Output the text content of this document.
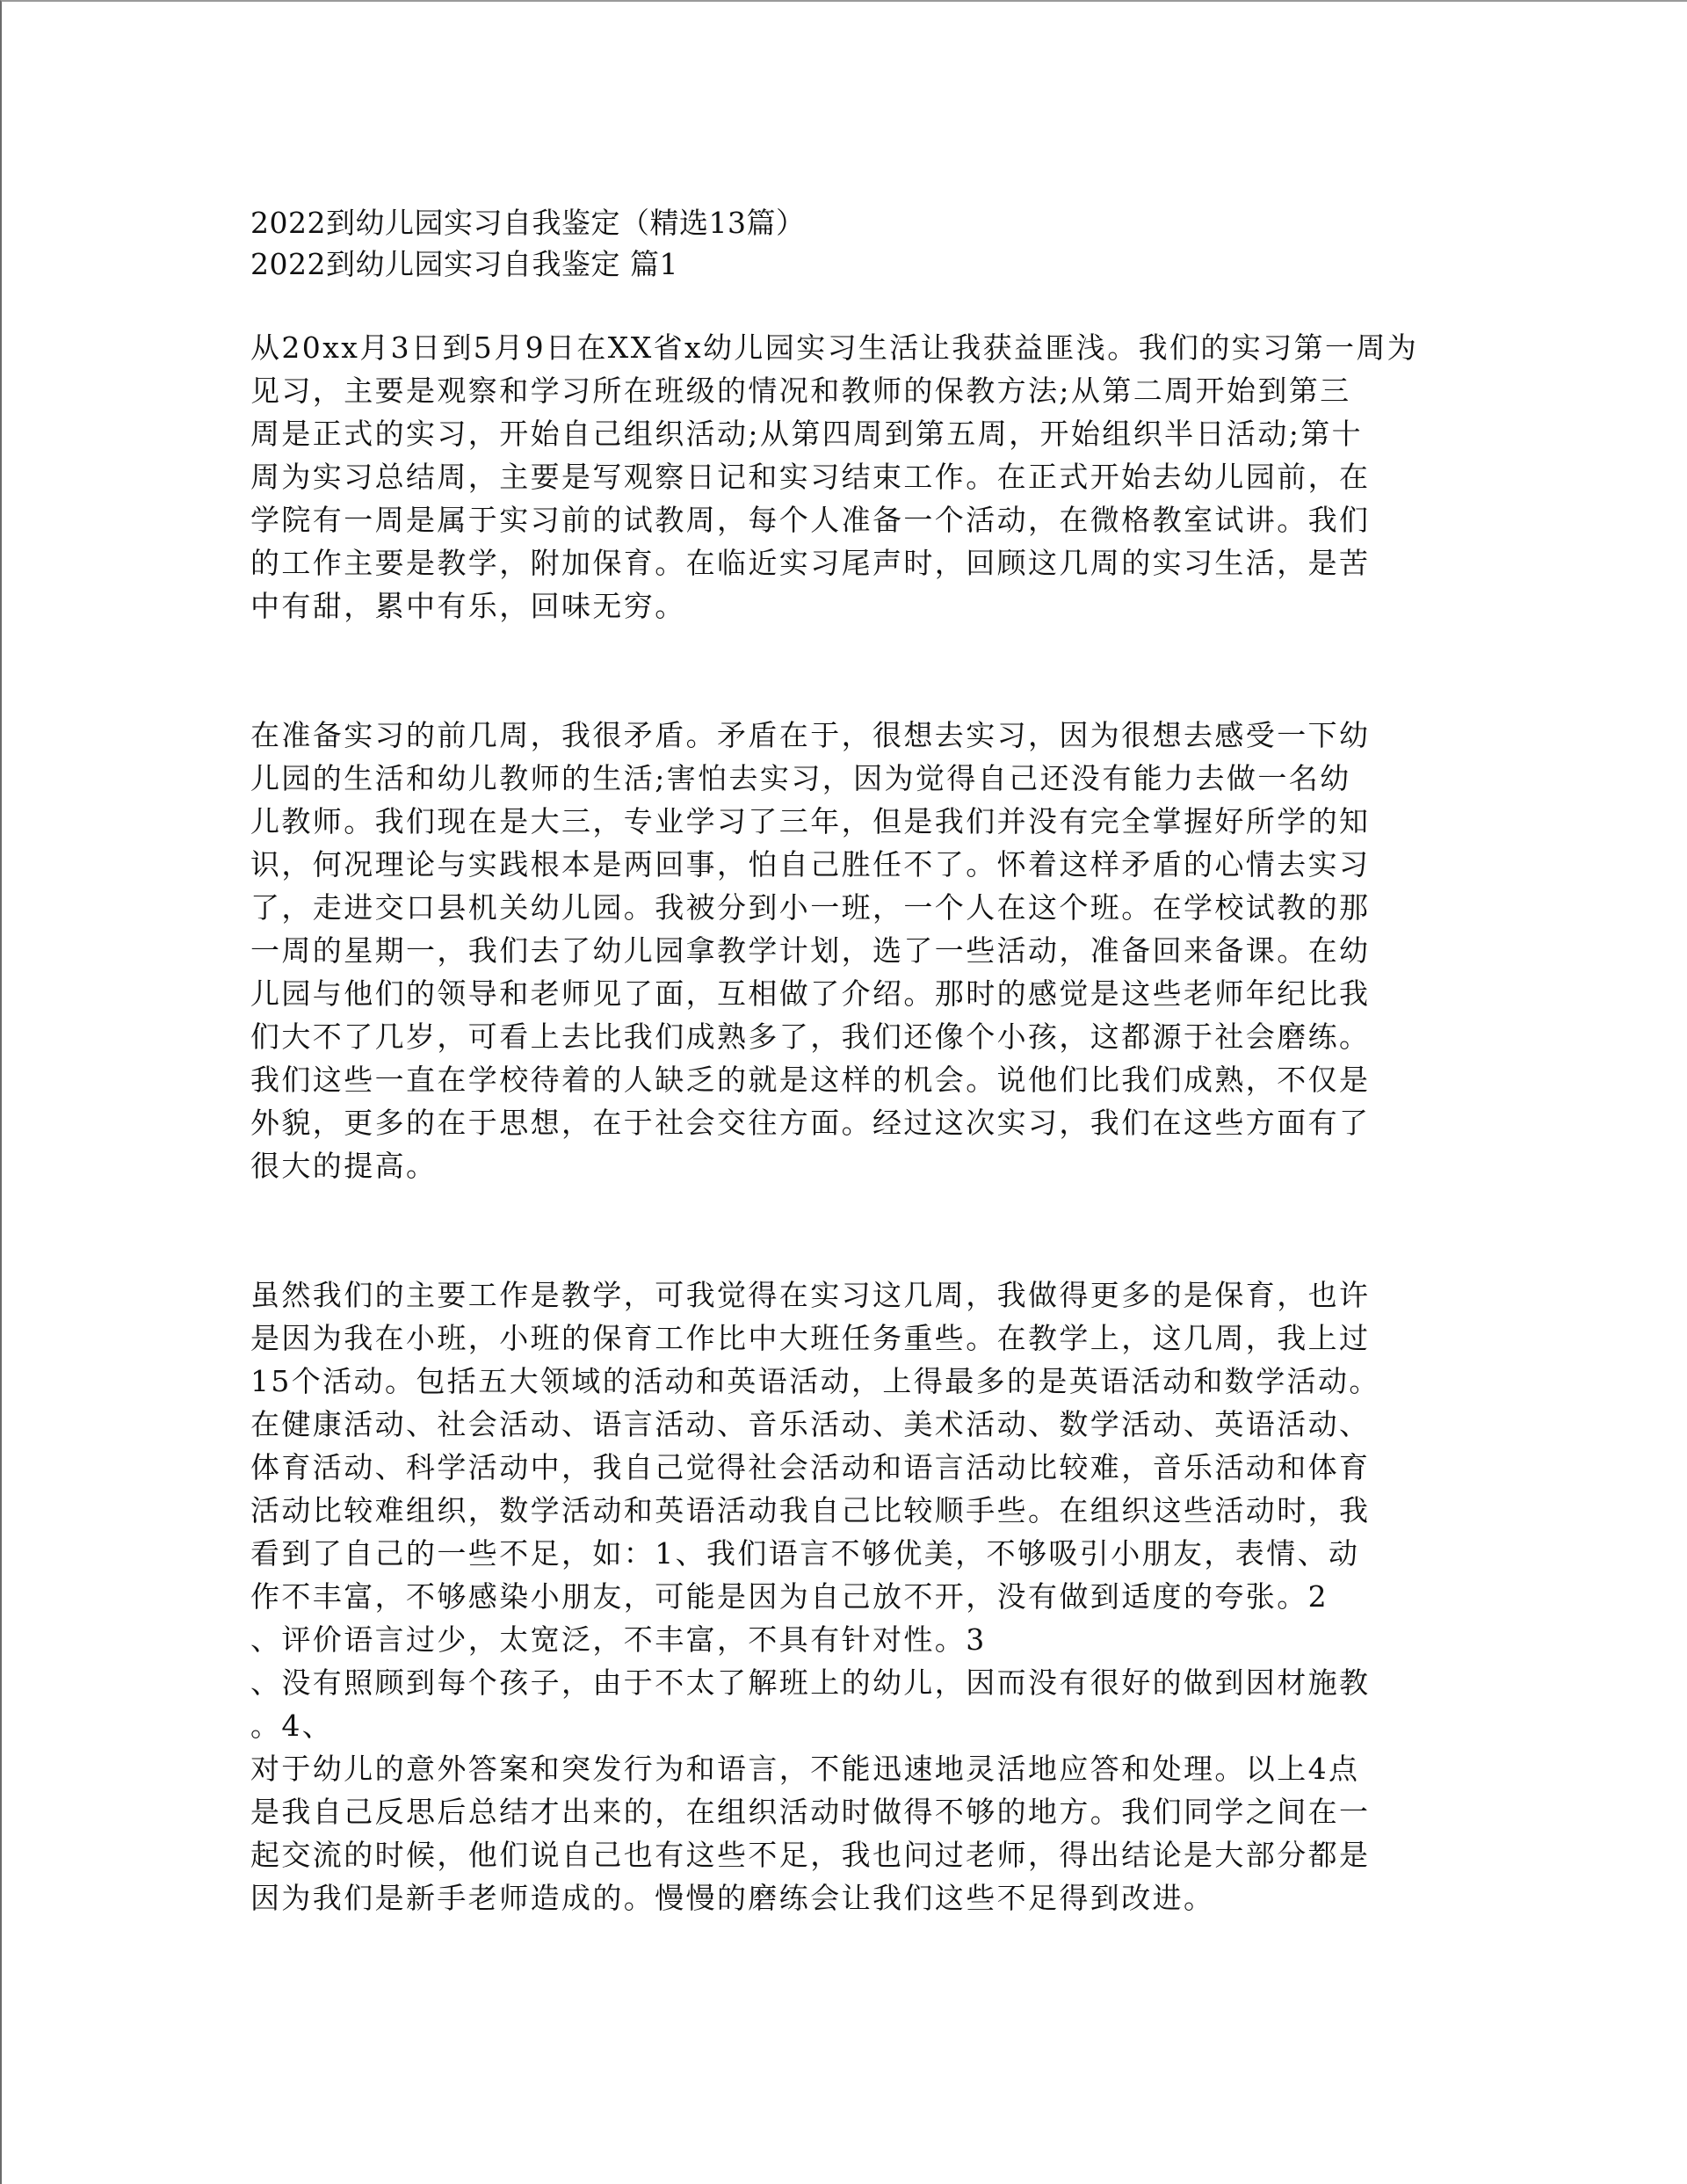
2022到幼儿园实习自我鉴定（精选13篇）
2022到幼儿园实习自我鉴定 篇1

从20xx月3日到5月9日在XX省x幼儿园实习生活让我获益匪浅。我们的实习第一周为
见习，主要是观察和学习所在班级的情况和教师的保教方法;从第二周开始到第三
周是正式的实习，开始自己组织活动;从第四周到第五周，开始组织半日活动;第十
周为实习总结周，主要是写观察日记和实习结束工作。在正式开始去幼儿园前，在
学院有一周是属于实习前的试教周，每个人准备一个活动，在微格教室试讲。我们
的工作主要是教学，附加保育。在临近实习尾声时，回顾这几周的实习生活，是苦
中有甜，累中有乐，回味无穷。

在准备实习的前几周，我很矛盾。矛盾在于，很想去实习，因为很想去感受一下幼
儿园的生活和幼儿教师的生活;害怕去实习，因为觉得自己还没有能力去做一名幼
儿教师。我们现在是大三，专业学习了三年，但是我们并没有完全掌握好所学的知
识，何况理论与实践根本是两回事，怕自己胜任不了。怀着这样矛盾的心情去实习
了，走进交口县机关幼儿园。我被分到小一班，一个人在这个班。在学校试教的那
一周的星期一，我们去了幼儿园拿教学计划，选了一些活动，准备回来备课。在幼
儿园与他们的领导和老师见了面，互相做了介绍。那时的感觉是这些老师年纪比我
们大不了几岁，可看上去比我们成熟多了，我们还像个小孩，这都源于社会磨练。
我们这些一直在学校待着的人缺乏的就是这样的机会。说他们比我们成熟，不仅是
外貌，更多的在于思想，在于社会交往方面。经过这次实习，我们在这些方面有了
很大的提高。

虽然我们的主要工作是教学，可我觉得在实习这几周，我做得更多的是保育，也许
是因为我在小班，小班的保育工作比中大班任务重些。在教学上，这几周，我上过
15个活动。包括五大领域的活动和英语活动，上得最多的是英语活动和数学活动。
在健康活动、社会活动、语言活动、音乐活动、美术活动、数学活动、英语活动、
体育活动、科学活动中，我自己觉得社会活动和语言活动比较难，音乐活动和体育
活动比较难组织，数学活动和英语活动我自己比较顺手些。在组织这些活动时，我
看到了自己的一些不足，如：1、我们语言不够优美，不够吸引小朋友，表情、动
作不丰富，不够感染小朋友，可能是因为自己放不开，没有做到适度的夸张。2
、评价语言过少，太宽泛，不丰富，不具有针对性。3
、没有照顾到每个孩子，由于不太了解班上的幼儿，因而没有很好的做到因材施教
。4、
对于幼儿的意外答案和突发行为和语言，不能迅速地灵活地应答和处理。以上4点
是我自己反思后总结才出来的，在组织活动时做得不够的地方。我们同学之间在一
起交流的时候，他们说自己也有这些不足，我也问过老师，得出结论是大部分都是
因为我们是新手老师造成的。慢慢的磨练会让我们这些不足得到改进。
